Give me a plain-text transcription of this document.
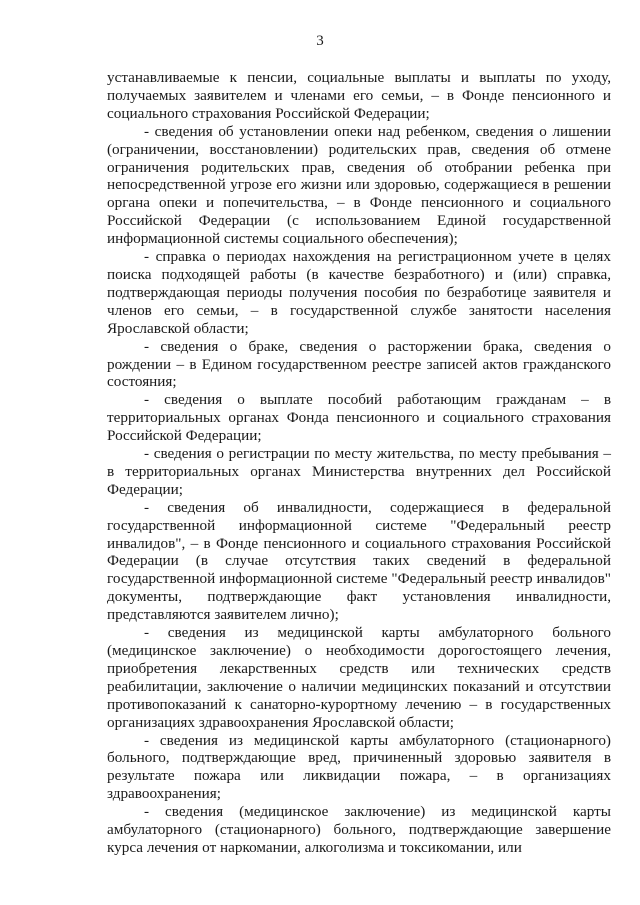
3

устанавливаемые к пенсии, социальные выплаты и выплаты по уходу, получаемых заявителем и членами его семьи, – в Фонде пенсионного и социального страхования Российской Федерации;

- сведения об установлении опеки над ребенком, сведения о лишении (ограничении, восстановлении) родительских прав, сведения об отмене ограничения родительских прав, сведения об отобрании ребенка при непосредственной угрозе его жизни или здоровью, содержащиеся в решении органа опеки и попечительства, – в Фонде пенсионного и социального Российской Федерации (с использованием Единой государственной информационной системы социального обеспечения);

- справка о периодах нахождения на регистрационном учете в целях поиска подходящей работы (в качестве безработного) и (или) справка, подтверждающая периоды получения пособия по безработице заявителя и членов его семьи, – в государственной службе занятости населения Ярославской области;

- сведения о браке, сведения о расторжении брака, сведения о рождении – в Едином государственном реестре записей актов гражданского состояния;

- сведения о выплате пособий работающим гражданам – в территориальных органах Фонда пенсионного и социального страхования Российской Федерации;

- сведения о регистрации по месту жительства, по месту пребывания – в территориальных органах Министерства внутренних дел Российской Федерации;

- сведения об инвалидности, содержащиеся в федеральной государственной информационной системе "Федеральный реестр инвалидов", – в Фонде пенсионного и социального страхования Российской Федерации (в случае отсутствия таких сведений в федеральной государственной информационной системе "Федеральный реестр инвалидов" документы, подтверждающие факт установления инвалидности, представляются заявителем лично);

- сведения из медицинской карты амбулаторного больного (медицинское заключение) о необходимости дорогостоящего лечения, приобретения лекарственных средств или технических средств реабилитации, заключение о наличии медицинских показаний и отсутствии противопоказаний к санаторно-курортному лечению – в государственных организациях здравоохранения Ярославской области;

- сведения из медицинской карты амбулаторного (стационарного) больного, подтверждающие вред, причиненный здоровью заявителя в результате пожара или ликвидации пожара, – в организациях здравоохранения;

- сведения (медицинское заключение) из медицинской карты амбулаторного (стационарного) больного, подтверждающие завершение курса лечения от наркомании, алкоголизма и токсикомании, или
